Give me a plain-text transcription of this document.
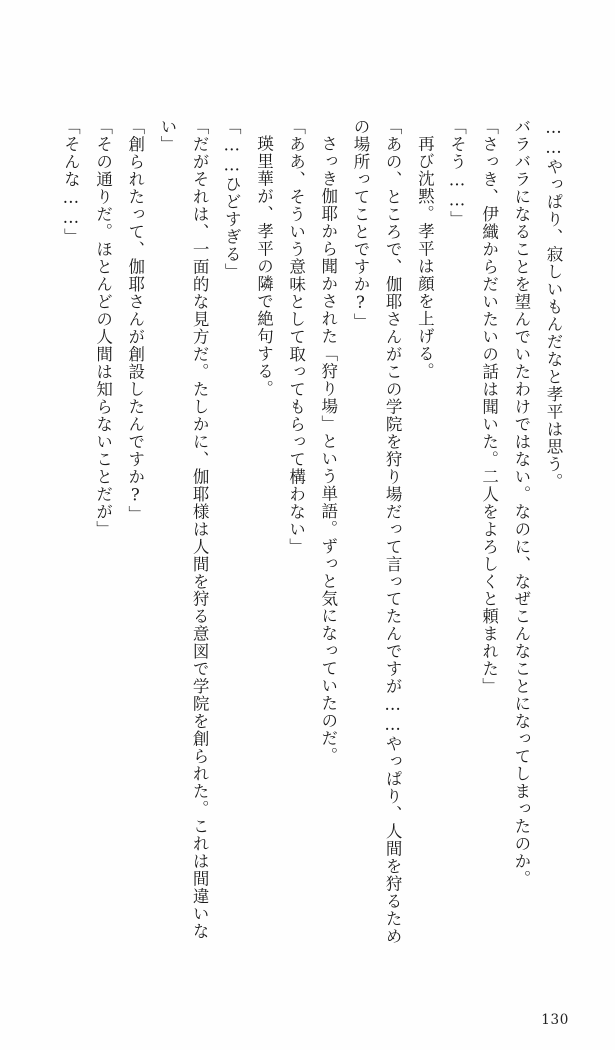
……やっぱり、寂しいもんだなと孝平は思う。

バラバラになることを望んでいたわけではない。なのに、なぜこんなことになってしまったのか。

「さっき、伊織からだいたいの話は聞いた。二人をよろしくと頼まれた」

「そう……」

再び沈黙。孝平は顔を上げる。

「あの、ところで、伽耶さんがこの学院を狩り場だって言ってたんですが……やっぱり、人間を狩るための場所ってことですか?」

さっき伽耶から聞かされた「狩り場」という単語。ずっと気になっていたのだ。

「ああ、そういう意味として取ってもらって構わない」

瑛里華が、孝平の隣で絶句する。

「……ひどすぎる」

「だがそれは、一面的な見方だ。たしかに、伽耶様は人間を狩る意図で学院を創られた。これは間違いない」

「創られたって、伽耶さんが創設したんですか?」

「その通りだ。ほとんどの人間は知らないことだが」

「そんな……」

130
